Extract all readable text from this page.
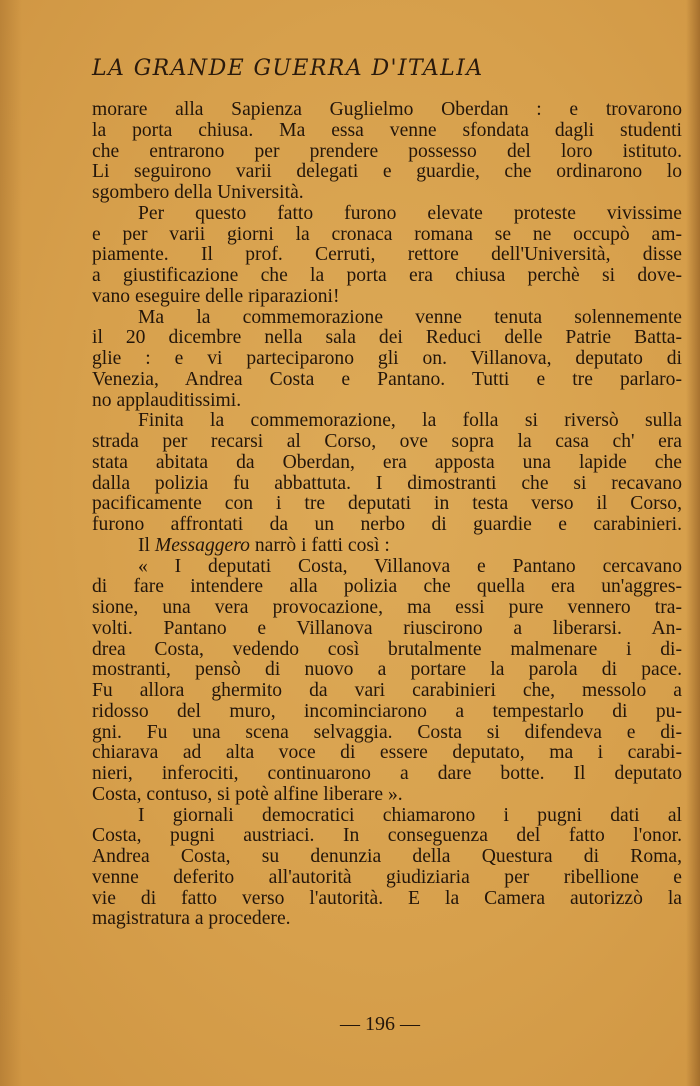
LA GRANDE GUERRA D'ITALIA
morare alla Sapienza Guglielmo Oberdan : e trovarono
la porta chiusa. Ma essa venne sfondata dagli studenti
che entrarono per prendere possesso del loro istituto.
Li seguirono varii delegati e guardie, che ordinarono lo
sgombero della Università.
Per questo fatto furono elevate proteste vivissime
e per varii giorni la cronaca romana se ne occupò am-
piamente. Il prof. Cerruti, rettore dell'Università, disse
a giustificazione che la porta era chiusa perchè si dove-
vano eseguire delle riparazioni!
Ma la commemorazione venne tenuta solennemente
il 20 dicembre nella sala dei Reduci delle Patrie Batta-
glie : e vi parteciparono gli on. Villanova, deputato di
Venezia, Andrea Costa e Pantano. Tutti e tre parlaro-
no applauditissimi.
Finita la commemorazione, la folla si riversò sulla
strada per recarsi al Corso, ove sopra la casa ch' era
stata abitata da Oberdan, era apposta una lapide che
dalla polizia fu abbattuta. I dimostranti che si recavano
pacificamente con i tre deputati in testa verso il Corso,
furono affrontati da un nerbo di guardie e carabinieri.
Il Messaggero narrò i fatti così :
« I deputati Costa, Villanova e Pantano cercavano
di fare intendere alla polizia che quella era un'aggres-
sione, una vera provocazione, ma essi pure vennero tra-
volti. Pantano e Villanova riuscirono a liberarsi. An-
drea Costa, vedendo così brutalmente malmenare i di-
mostranti, pensò di nuovo a portare la parola di pace.
Fu allora ghermito da vari carabinieri che, messolo a
ridosso del muro, incominciarono a tempestarlo di pu-
gni. Fu una scena selvaggia. Costa si difendeva e di-
chiarava ad alta voce di essere deputato, ma i carabi-
nieri, inferociti, continuarono a dare botte. Il deputato
Costa, contuso, si potè alfine liberare ».
I giornali democratici chiamarono i pugni dati al
Costa, pugni austriaci. In conseguenza del fatto l'onor.
Andrea Costa, su denunzia della Questura di Roma,
venne deferito all'autorità giudiziaria per ribellione e
vie di fatto verso l'autorità. E la Camera autorizzò la
magistratura a procedere.
— 196 —
